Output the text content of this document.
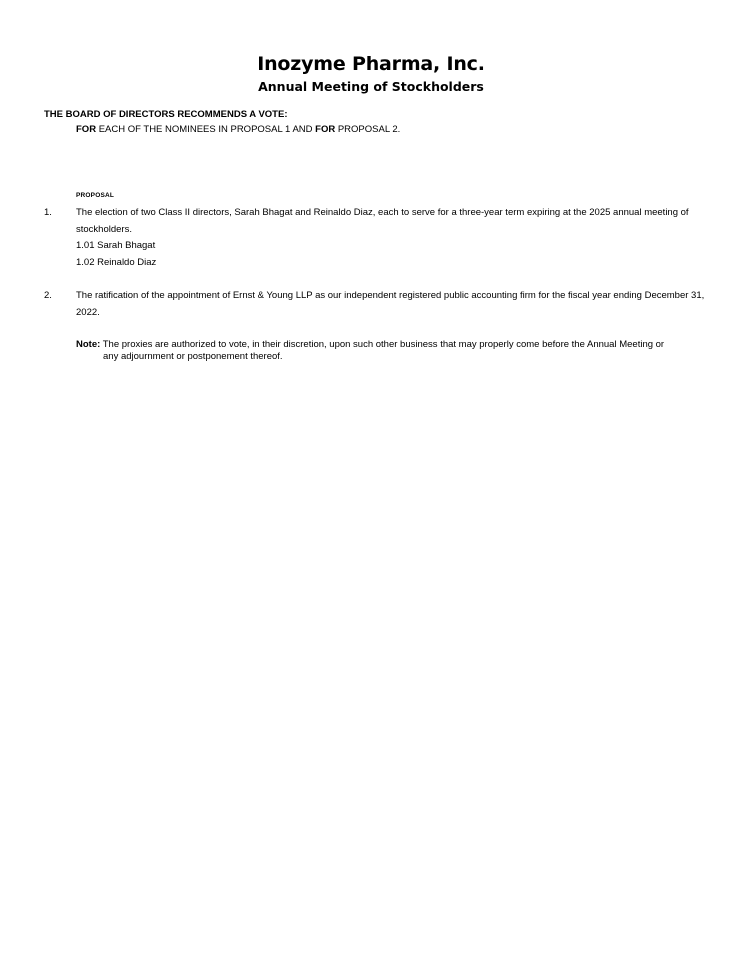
Inozyme Pharma, Inc.
Annual Meeting of Stockholders
THE BOARD OF DIRECTORS RECOMMENDS A VOTE:
FOR EACH OF THE NOMINEES IN PROPOSAL 1 AND FOR PROPOSAL 2.
PROPOSAL
1.	The election of two Class II directors, Sarah Bhagat and Reinaldo Diaz, each to serve for a three-year term expiring at the 2025 annual meeting of stockholders.
1.01 Sarah Bhagat
1.02 Reinaldo Diaz
2.	The ratification of the appointment of Ernst & Young LLP as our independent registered public accounting firm for the fiscal year ending December 31, 2022.
Note: The proxies are authorized to vote, in their discretion, upon such other business that may properly come before the Annual Meeting or
any adjournment or postponement thereof.
